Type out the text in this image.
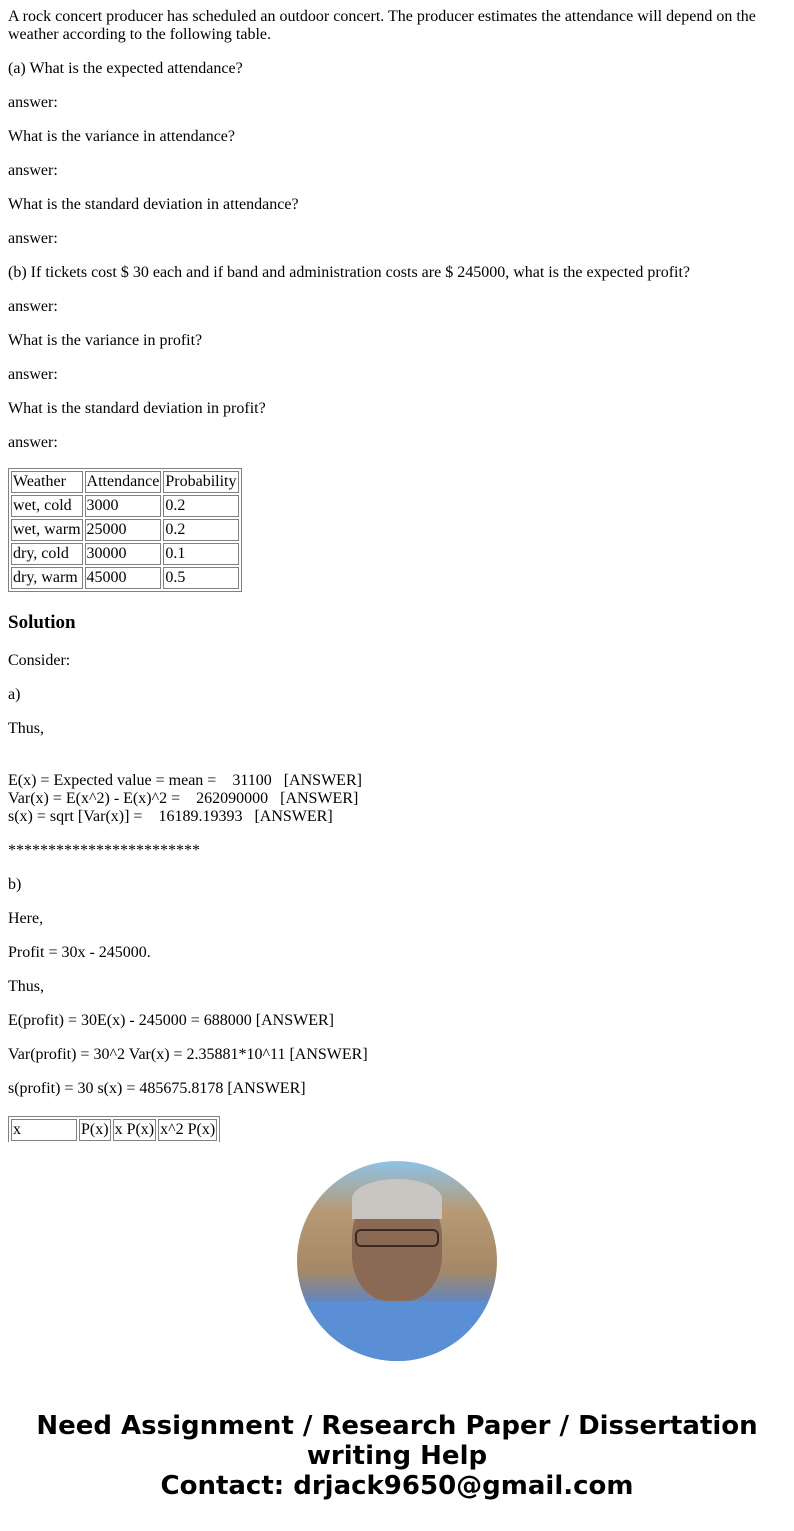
A rock concert producer has scheduled an outdoor concert. The producer estimates the attendance will depend on the weather according to the following table.

(a) What is the expected attendance?

answer:

What is the variance in attendance?

answer:

What is the standard deviation in attendance?

answer:

(b) If tickets cost $ 30 each and if band and administration costs are $ 245000, what is the expected profit?

answer:

What is the variance in profit?

answer:

What is the standard deviation in profit?

answer:

Weather	Attendance	Probability
wet, cold	3000	0.2
wet, warm	25000	0.2
dry, cold	30000	0.1
dry, warm	45000	0.5
Solution

Consider:

a)

Thus,

E(x) = Expected value = mean =    31100   [ANSWER]
Var(x) = E(x^2) - E(x)^2 =    262090000   [ANSWER]
s(x) = sqrt [Var(x)] =    16189.19393   [ANSWER]

************************

b)

Here,

Profit = 30x - 245000.

Thus,

E(profit) = 30E(x) - 245000 = 688000 [ANSWER]

Var(profit) = 30^2 Var(x) = 2.35881*10^11 [ANSWER]

s(profit) = 30 s(x) = 485675.8178 [ANSWER]

x	P(x)	x P(x)	x^2 P(x)

Need Assignment / Research Paper / Dissertation
writing Help
Contact: drjack9650@gmail.com
